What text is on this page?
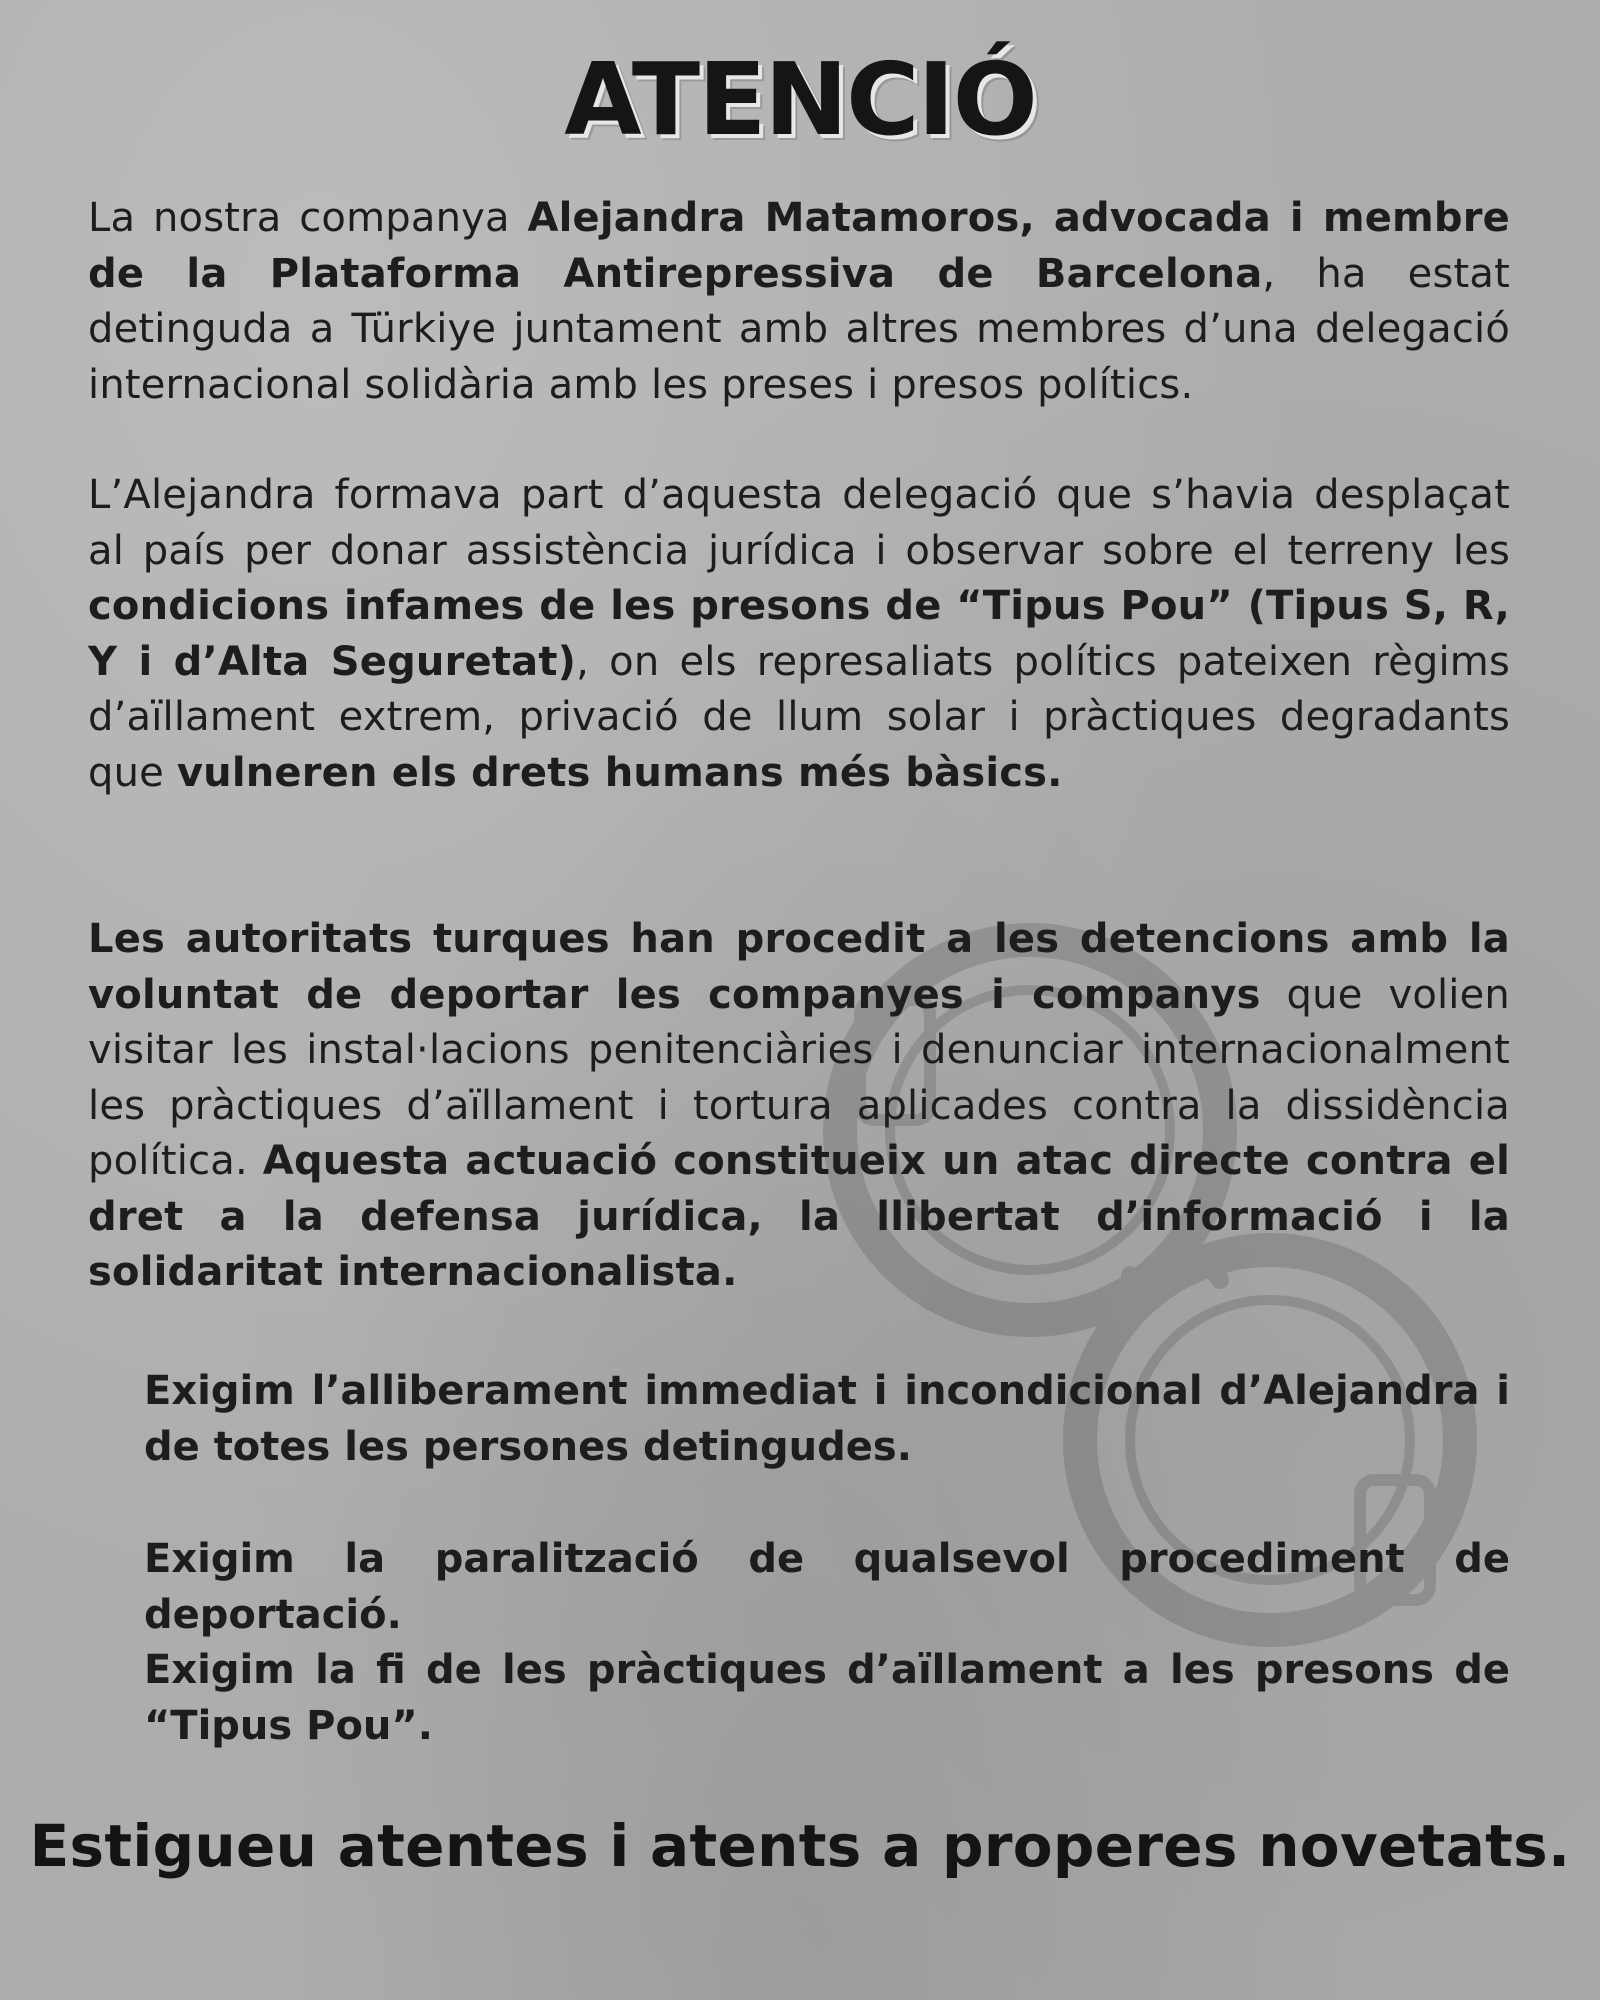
ATENCIÓ
La nostra companya Alejandra Matamoros, advocada i membre de la Plataforma Antirepressiva de Barcelona, ha estat detinguda a Türkiye juntament amb altres membres d’una delegació internacional solidària amb les preses i presos polítics.
L’Alejandra formava part d’aquesta delegació que s’havia desplaçat al país per donar assistència jurídica i observar sobre el terreny les condicions infames de les presons de “Tipus Pou” (Tipus S, R, Y i d’Alta Seguretat), on els represaliats polítics pateixen règims d’aïllament extrem, privació de llum solar i pràctiques degradants que vulneren els drets humans més bàsics.
Les autoritats turques han procedit a les detencions amb la voluntat de deportar les companyes i companys que volien visitar les instal·lacions penitenciàries i denunciar internacionalment les pràctiques d’aïllament i tortura aplicades contra la dissidència política. Aquesta actuació constitueix un atac directe contra el dret a la defensa jurídica, la llibertat d’informació i la solidaritat internacionalista.
Exigim l’alliberament immediat i incondicional d’Alejandra i de totes les persones detingudes.
Exigim la paralització de qualsevol procediment de deportació.
Exigim la fi de les pràctiques d’aïllament a les presons de “Tipus Pou”.
Estigueu atentes i atents a properes novetats.
